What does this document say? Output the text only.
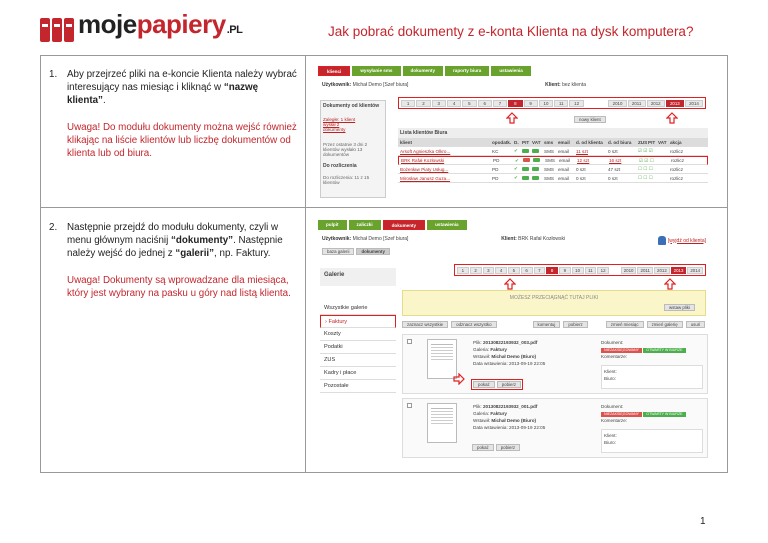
mojepapiery.PL	Jak pobrać dokumenty z e-konta Klienta na dysk komputera?
1.	Aby przejrzeć pliki na e-koncie Klienta należy wybrać interesujący nas miesiąc i kliknąć w “nazwę klienta”.

Uwaga! Do modułu dokumenty można wejść również klikając na liście klientów lub liczbę dokumentów od klienta lub od biura.

2.	Następnie przejdź do modułu dokumenty, czyli w menu głównym naciśnij “dokumenty”. Następnie należy wejść do jednej z “galerii”, np. Faktury.

Uwaga! Dokumenty są wprowadzane dla miesiąca, który jest wybrany na pasku u góry nad listą klienta.

klienci	wysyłanie sms	dokumenty	raporty biura	ustawienia
Użytkownik: Michał Demo [Szef biura]	Klient: bez klienta
Dokumenty od klientów
Zaległe: 1 klient wysłał 2 dokumenty
Przez ostatnie 3 dni 2 klientów wysłało 13 dokumentów
Do rozliczenia
Do rozliczenia: 11 z 15 klientów
1	2	3	4	5	6	7	8	9	10	11	12	2010	2011	2012	2013	2014
nowy klient
Lista klientów Biura
klient	opodatk. D. PIT VAT sms	email	d. od klienta	d. od biura	ZUS PIT VAT akcja
Arsoft Agnieszka Olkro...	KC	✔	SMS email	11 szt	0 szt	☑ ☑ ☑	rozlicz
BRK Rafał Kozłowski	PD	✔	SMS email	12 szt	16 szt	☑ ☑ ☐	rozlicz
Bożenław Piaty Usług...	PD	✔	SMS email	0 szt	47 szt	☐ ☐ ☐	rozlicz
Mirosław Janusz Guza...	PD	✔	SMS email	0 szt	0 szt	☐ ☐ ☐	rozlicz
pulpit	zaliczki	dokumenty	ustawienia
Użytkownik: Michał Demo [Szef biura]	Klient: BRK Rafał Kozłowski	[wyjdź od klienta]
baza galerii	dokumenty
Galerie
Wszystkie galerie
› Faktury
Koszty
Podatki
ZUS
Kadry i płace
Pozostałe
1	2	3	4	5	6	7	8	9	10	11	12	2010	2011	2012	2013	2014
MOŻESZ PRZECIĄGNĄĆ TUTAJ PLIKI
wstaw pliki
zaznacz wszystkie	odznacz wszystko	komentuj	pobierz	zmień miesiąc	zmień galerię	usuń
Plik: 20130822193932_003.pdf
Galeria: Faktury
Wstawił: Michał Demo (Biuro)
Data wstawienia: 2013-09-19 22:05
pokaż	pobierz
Dokument:
NIEZAKSIĘGOWANY OTWARTY W BIURZE
Komentarze:
Klient:
Biuro:
Plik: 20130822193932_001.pdf
Galeria: Faktury
Wstawił: Michał Demo (Biuro)
Data wstawienia: 2013-09-19 22:05
pokaż	pobierz
Dokument:
NIEZAKSIĘGOWANY OTWARTY W BIURZE
Komentarze:
Klient:
Biuro:
1
